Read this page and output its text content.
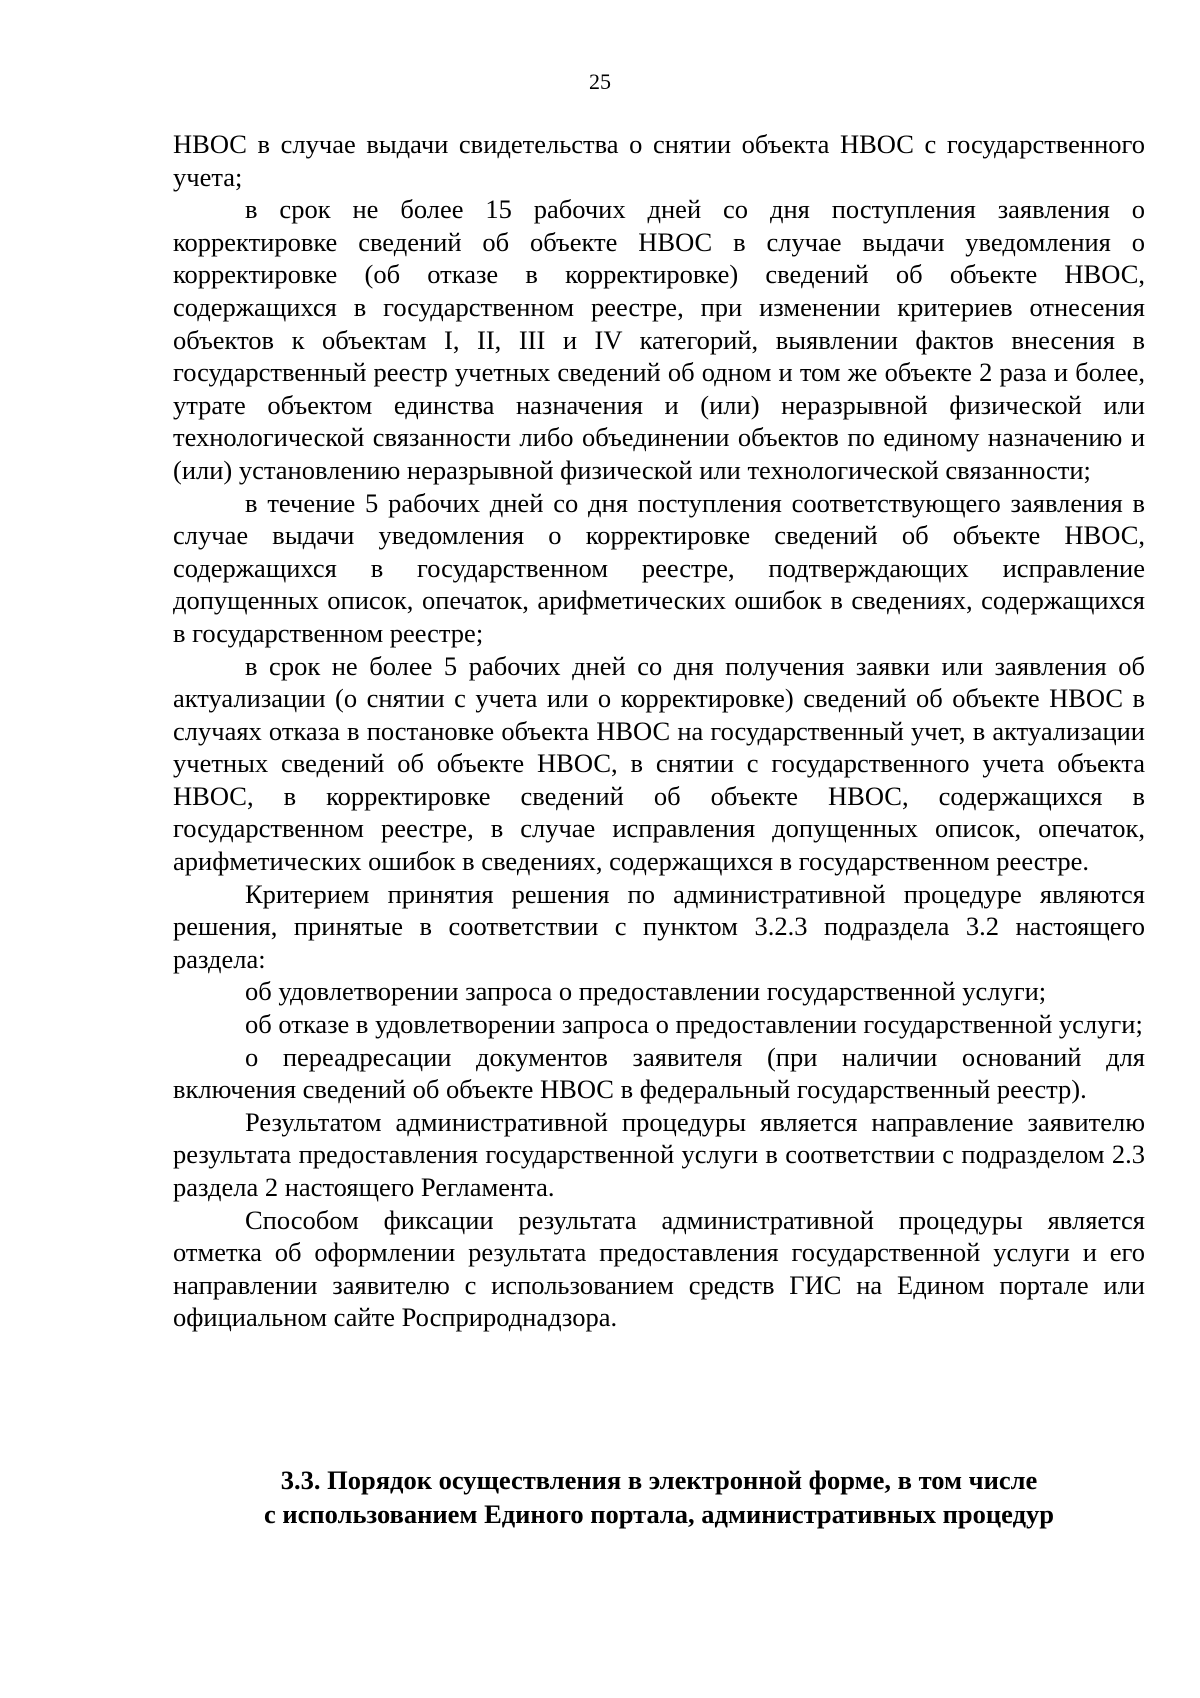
25

НВОС в случае выдачи свидетельства о снятии объекта НВОС с государственного учета;

в срок не более 15 рабочих дней со дня поступления заявления о корректировке сведений об объекте НВОС в случае выдачи уведомления о корректировке (об отказе в корректировке) сведений об объекте НВОС, содержащихся в государственном реестре, при изменении критериев отнесения объектов к объектам I, II, III и IV категорий, выявлении фактов внесения в государственный реестр учетных сведений об одном и том же объекте 2 раза и более, утрате объектом единства назначения и (или) неразрывной физической или технологической связанности либо объединении объектов по единому назначению и (или) установлению неразрывной физической или технологической связанности;

в течение 5 рабочих дней со дня поступления соответствующего заявления в случае выдачи уведомления о корректировке сведений об объекте НВОС, содержащихся в государственном реестре, подтверждающих исправление допущенных описок, опечаток, арифметических ошибок в сведениях, содержащихся в государственном реестре;

в срок не более 5 рабочих дней со дня получения заявки или заявления об актуализации (о снятии с учета или о корректировке) сведений об объекте НВОС в случаях отказа в постановке объекта НВОС на государственный учет, в актуализации учетных сведений об объекте НВОС, в снятии с государственного учета объекта НВОС, в корректировке сведений об объекте НВОС, содержащихся в государственном реестре, в случае исправления допущенных описок, опечаток, арифметических ошибок в сведениях, содержащихся в государственном реестре.

Критерием принятия решения по административной процедуре являются решения, принятые в соответствии с пунктом 3.2.3 подраздела 3.2 настоящего раздела:

об удовлетворении запроса о предоставлении государственной услуги;

об отказе в удовлетворении запроса о предоставлении государственной услуги;

о переадресации документов заявителя (при наличии оснований для включения сведений об объекте НВОС в федеральный государственный реестр).

Результатом административной процедуры является направление заявителю результата предоставления государственной услуги в соответствии с подразделом 2.3 раздела 2 настоящего Регламента.

Способом фиксации результата административной процедуры является отметка об оформлении результата предоставления государственной услуги и его направлении заявителю с использованием средств ГИС на Едином портале или официальном сайте Росприроднадзора.

3.3. Порядок осуществления в электронной форме, в том числе
с использованием Единого портала, административных процедур
